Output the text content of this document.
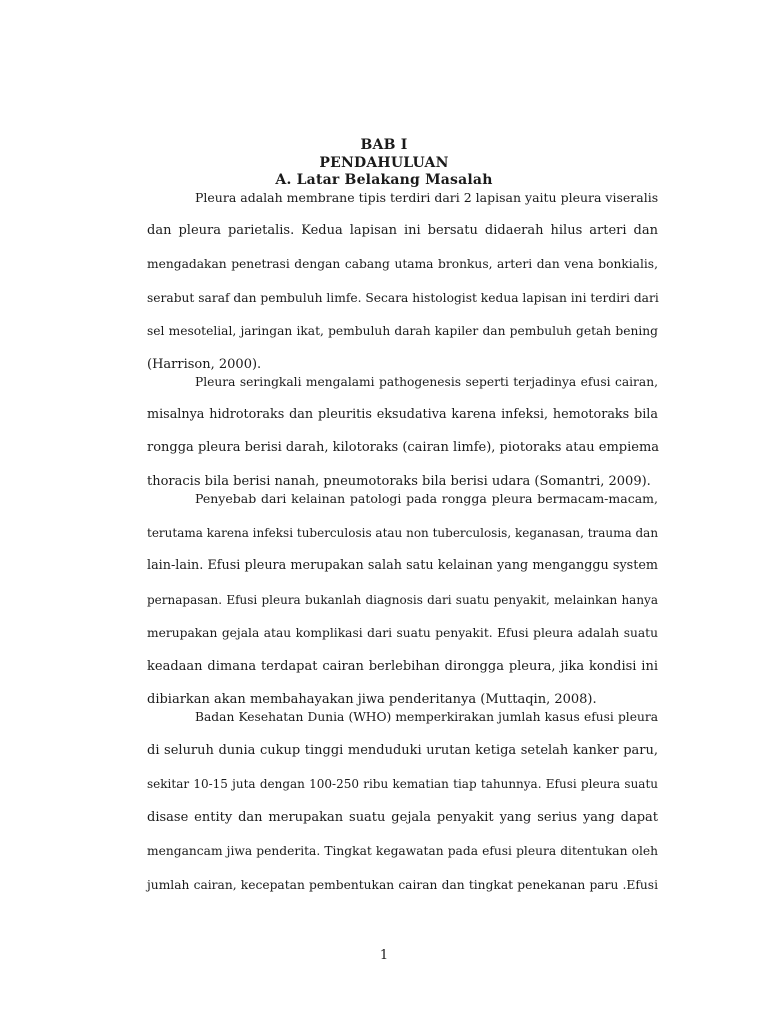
BAB I
PENDAHULUAN
A. Latar Belakang Masalah
Pleura adalah membrane tipis terdiri dari 2 lapisan yaitu pleura viseralis
dan pleura parietalis. Kedua lapisan ini bersatu didaerah hilus arteri dan
mengadakan penetrasi dengan cabang utama bronkus, arteri dan vena bonkialis,
serabut saraf dan pembuluh limfe. Secara histologist kedua lapisan ini terdiri dari
sel mesotelial, jaringan ikat, pembuluh darah kapiler dan pembuluh getah bening
(Harrison, 2000).
Pleura seringkali mengalami pathogenesis seperti terjadinya efusi cairan,
misalnya hidrotoraks dan pleuritis eksudativa karena infeksi, hemotoraks bila
rongga pleura berisi darah, kilotoraks (cairan limfe), piotoraks atau empiema
thoracis bila berisi nanah, pneumotoraks bila berisi udara (Somantri, 2009).
Penyebab dari kelainan patologi pada rongga pleura bermacam-macam,
terutama karena infeksi tuberculosis atau non tuberculosis, keganasan, trauma dan
lain-lain. Efusi pleura merupakan salah satu kelainan yang menganggu system
pernapasan. Efusi pleura bukanlah diagnosis dari suatu penyakit, melainkan hanya
merupakan gejala atau komplikasi dari suatu penyakit. Efusi pleura adalah suatu
keadaan dimana terdapat cairan berlebihan dirongga pleura, jika kondisi ini
dibiarkan akan membahayakan jiwa penderitanya (Muttaqin, 2008).
Badan Kesehatan Dunia (WHO) memperkirakan jumlah kasus efusi pleura
di seluruh dunia cukup tinggi menduduki urutan ketiga setelah kanker paru,
sekitar 10-15 juta dengan 100-250 ribu kematian tiap tahunnya. Efusi pleura suatu
disase entity dan merupakan suatu gejala penyakit yang serius yang dapat
mengancam jiwa penderita. Tingkat kegawatan pada efusi pleura ditentukan oleh
jumlah cairan, kecepatan pembentukan cairan dan tingkat penekanan paru .Efusi
1
